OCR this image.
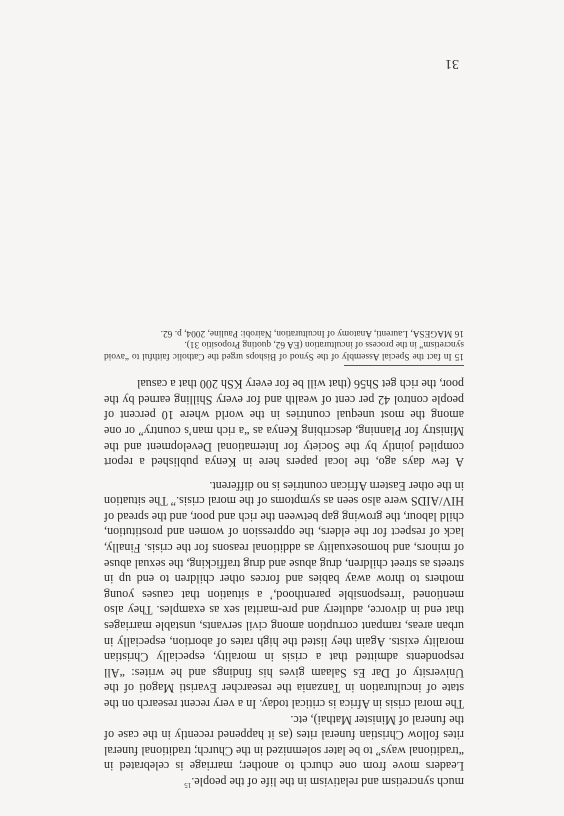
much syncretism and relativism in the life of the people.$^{15}$

Leaders move from one church to another; marriage is celebrated in “traditional ways” to be later solemnized in the Church; traditional funeral rites follow Christian funeral rites (as it happened recently in the case of the funeral of Minister Mathai), etc.

The moral crisis in Africa is critical today. In a very recent research on the state of inculturation in Tanzania the researcher Evaristi Magoti of the University of Dar Es Salaam gives his findings and he writes: “All respondents admitted that a crisis in morality, especially Christian morality exists. Again they listed the high rates of abortion, especially in urban areas, rampant corruption among civil servants, unstable marriages that end in divorce, adultery and pre-marital sex as examples. They also mentioned ‘irresponsible parenthood,’ a situation that causes young mothers to throw away babies and forces other children to end up in streets as street children, drug abuse and drug trafficking, the sexual abuse of minors, and homosexuality as additional reasons for the crisis. Finally, lack of respect for the elders, the oppression of women and prostitution, child labour, the growing gap between the rich and poor, and the spread of HIV/AIDS were also seen as symptoms of the moral crisis.” The situation in the other Eastern African countries is no different.

A few days ago, the local papers here in Kenya published a report compiled jointly by the Society for International Development and the Ministry for Planning, describing Kenya as “a rich man’s country” or one among the most unequal countries in the world where 10 percent of people control 42 per cent of wealth and for every Shilling earned by the poor, the rich get Sh56 (that will be for every KSh 200 that a casual

15 In fact the Special Assembly of the Synod of Bishops urged the Catholic faithful to “avoid syncretism” in the process of inculturation (EA 62, quoting Propositio 31).

16 MAGESA, Laurenti, Anatomy of Inculturation, Nairobi: Pauline, 2004, p. 62.

31
